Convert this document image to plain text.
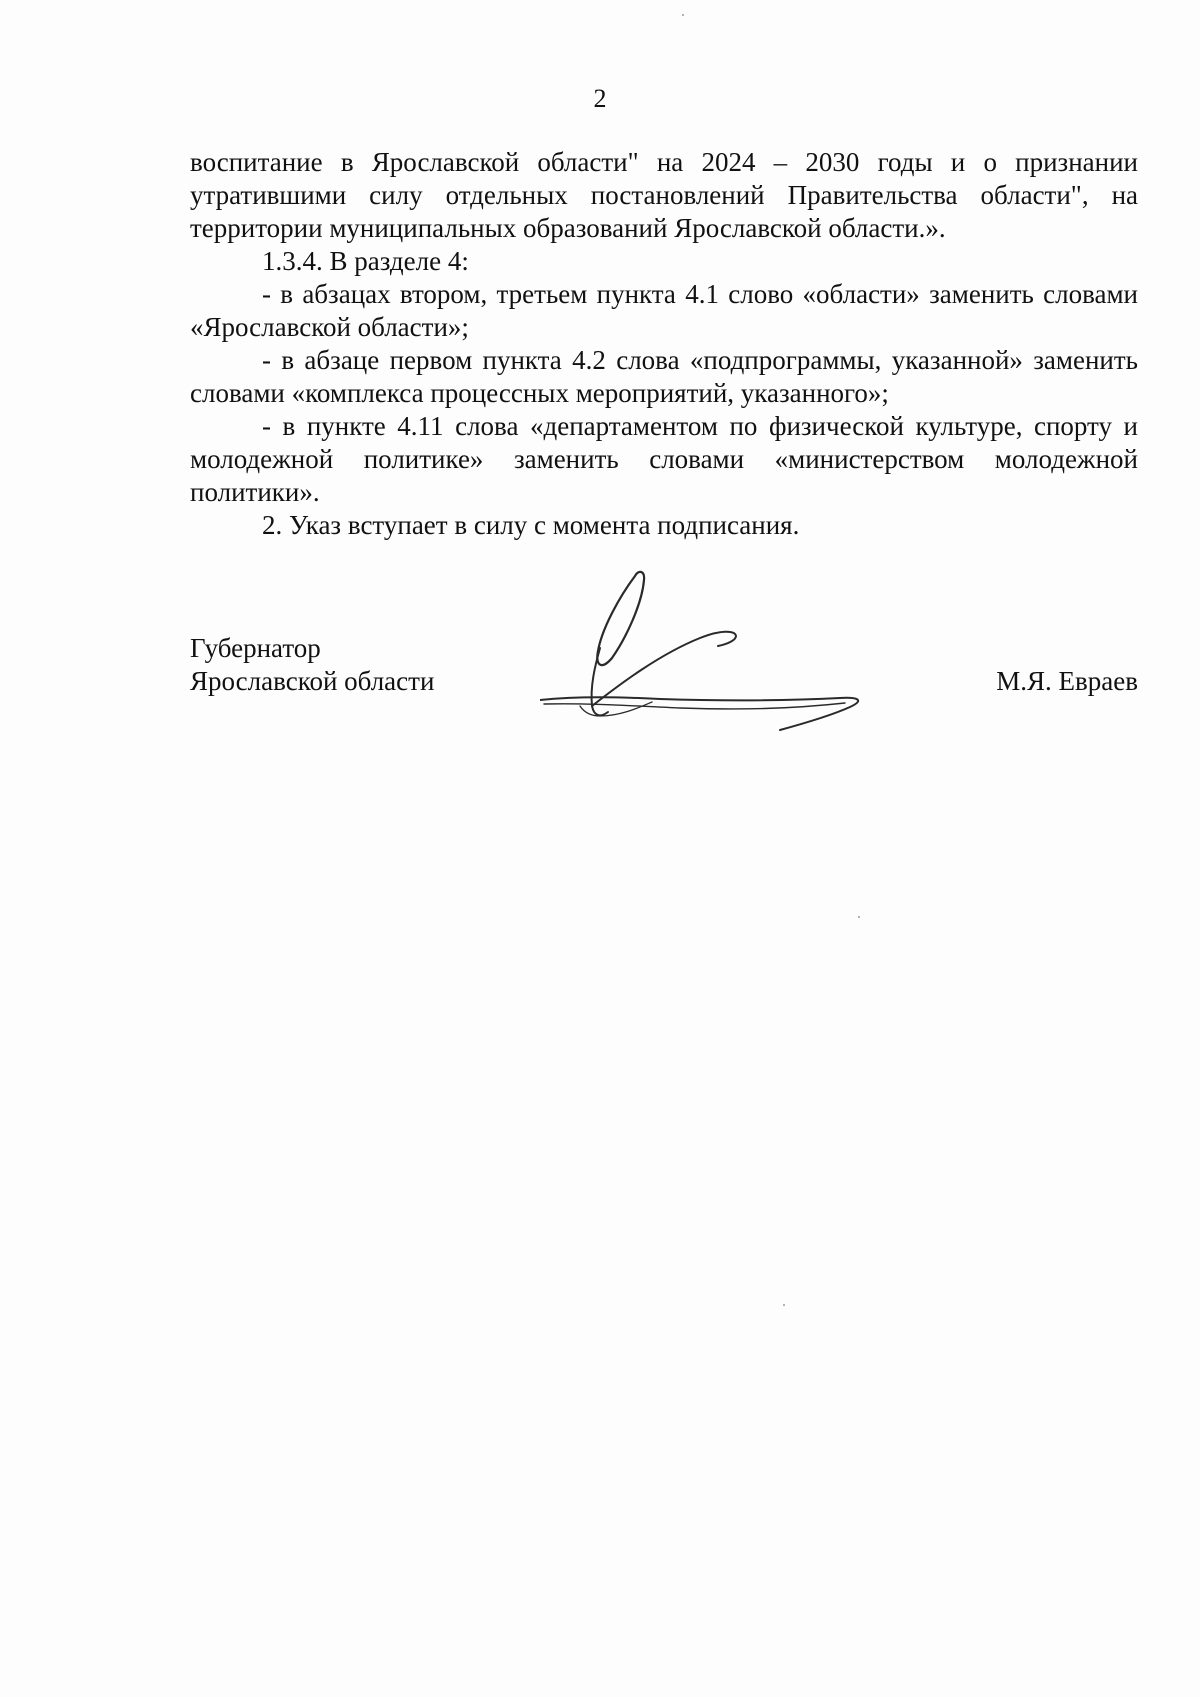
2

воспитание в Ярославской области" на 2024 – 2030 годы и о признании утратившими силу отдельных постановлений Правительства области", на территории муниципальных образований Ярославской области.».

1.3.4. В разделе 4:

- в абзацах втором, третьем пункта 4.1 слово «области» заменить словами «Ярославской области»;

- в абзаце первом пункта 4.2 слова «подпрограммы, указанной» заменить словами «комплекса процессных мероприятий, указанного»;

- в пункте 4.11 слова «департаментом по физической культуре, спорту и молодежной политике» заменить словами «министерством молодежной политики».

2. Указ вступает в силу с момента подписания.

Губернатор
Ярославской области	М.Я. Евраев
